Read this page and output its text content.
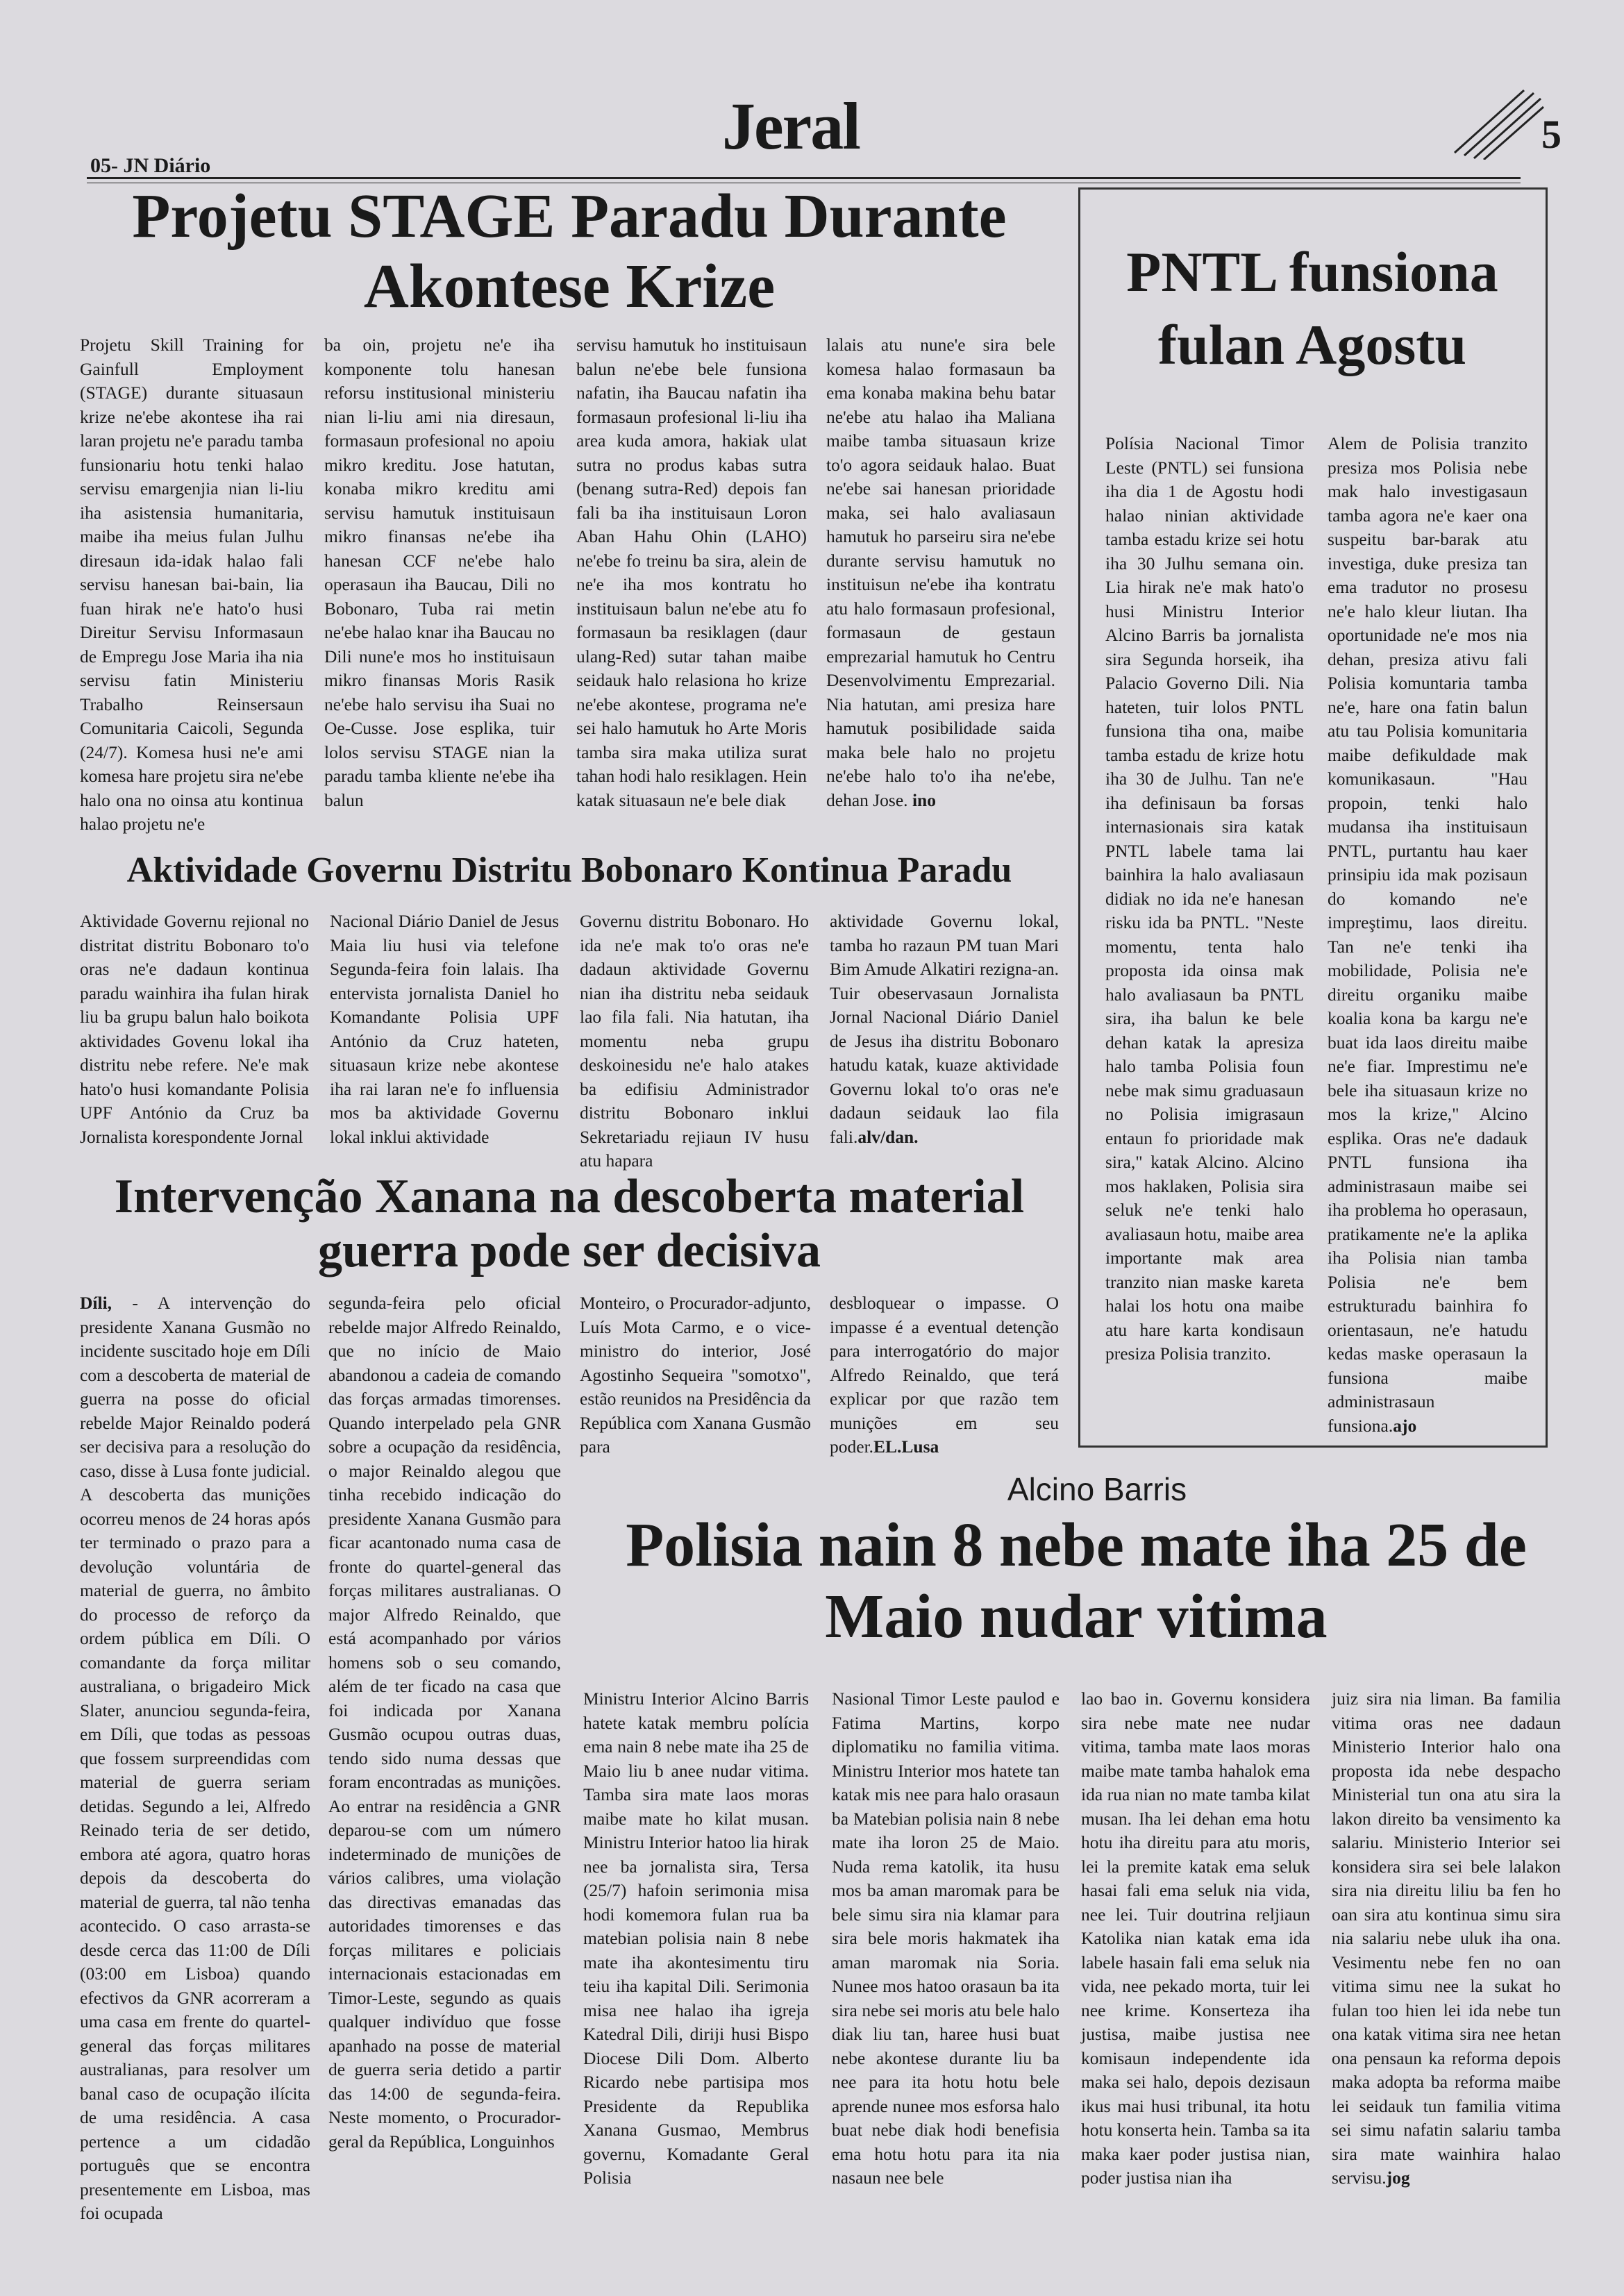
05- JN Diário
Jeral	5
Projetu STAGE Paradu Durante Akontese Krize

Projetu Skill Training for Gainfull Employment (STAGE) durante situasaun krize ne'ebe akontese iha rai laran projetu ne'e paradu tamba funsionariu hotu tenki halao servisu emargenjia nian li-liu iha asistensia humanitaria, maibe iha meius fulan Julhu diresaun ida-idak halao fali servisu hanesan bai-bain, lia fuan hirak ne'e hato'o husi Direitur Servisu Informasaun de Empregu Jose Maria iha nia servisu fatin Ministeriu Trabalho Reinsersaun Comunitaria Caicoli, Segunda (24/7). Komesa husi ne'e ami komesa hare projetu sira ne'ebe halo ona no oinsa atu kontinua halao projetu ne'e

ba oin, projetu ne'e iha komponente tolu hanesan reforsu institusional ministeriu nian li-liu ami nia diresaun, formasaun profesional no apoiu mikro kreditu. Jose hatutan, konaba mikro kreditu ami servisu hamutuk instituisaun mikro finansas ne'ebe iha hanesan CCF ne'ebe halo operasaun iha Baucau, Dili no Bobonaro, Tuba rai metin ne'ebe halao knar iha Baucau no Dili nune'e mos ho instituisaun mikro finansas Moris Rasik ne'ebe halo servisu iha Suai no Oe-Cusse. Jose esplika, tuir lolos servisu STAGE nian la paradu tamba kliente ne'ebe iha balun

servisu hamutuk ho instituisaun balun ne'ebe bele funsiona nafatin, iha Baucau nafatin iha formasaun profesional li-liu iha area kuda amora, hakiak ulat sutra no produs kabas sutra (benang sutra-Red) depois fan fali ba iha instituisaun Loron Aban Hahu Ohin (LAHO) ne'ebe fo treinu ba sira, alein de ne'e iha mos kontratu ho instituisaun balun ne'ebe atu fo formasaun ba resiklagen (daur ulang-Red) sutar tahan maibe seidauk halo relasiona ho krize ne'ebe akontese, programa ne'e sei halo hamutuk ho Arte Moris tamba sira maka utiliza surat tahan hodi halo resiklagen. Hein katak situasaun ne'e bele diak

lalais atu nune'e sira bele komesa halao formasaun ba ema konaba makina behu batar ne'ebe atu halao iha Maliana maibe tamba situasaun krize to'o agora seidauk halao. Buat ne'ebe sai hanesan prioridade maka, sei halo avaliasaun hamutuk ho parseiru sira ne'ebe durante servisu hamutuk no instituisun ne'ebe iha kontratu atu halo formasaun profesional, formasaun de gestaun emprezarial hamutuk ho Centru Desenvolvimentu Emprezarial. Nia hatutan, ami presiza hare hamutuk posibilidade saida maka bele halo no projetu ne'ebe halo to'o iha ne'ebe, dehan Jose. ino

Aktividade Governu Distritu Bobonaro Kontinua Paradu

Aktividade Governu rejional no distritat distritu Bobonaro to'o oras ne'e dadaun kontinua paradu wainhira iha fulan hirak liu ba grupu balun halo boikota aktividades Govenu lokal iha distritu nebe refere. Ne'e mak hato'o husi komandante Polisia UPF António da Cruz ba Jornalista korespondente Jornal

Nacional Diário Daniel de Jesus Maia liu husi via telefone Segunda-feira foin lalais. Iha entervista jornalista Daniel ho Komandante Polisia UPF António da Cruz hateten, situasaun krize nebe akontese iha rai laran ne'e fo influensia mos ba aktividade Governu lokal inklui aktividade

Governu distritu Bobonaro. Ho ida ne'e mak to'o oras ne'e dadaun aktividade Governu nian iha distritu neba seidauk lao fila fali. Nia hatutan, iha momentu neba grupu deskoinesidu ne'e halo atakes ba edifisiu Administrador distritu Bobonaro inklui Sekretariadu rejiaun IV husu atu hapara

aktividade Governu lokal, tamba ho razaun PM tuan Mari Bim Amude Alkatiri rezigna-an. Tuir obeservasaun Jornalista Jornal Nacional Diário Daniel de Jesus iha distritu Bobonaro hatudu katak, kuaze aktividade Governu lokal to'o oras ne'e dadaun seidauk lao fila fali.alv/dan.

Intervenção Xanana na descoberta material guerra pode ser decisiva

Díli, - A intervenção do presidente Xanana Gusmão no incidente suscitado hoje em Díli com a descoberta de material de guerra na posse do oficial rebelde Major Reinaldo poderá ser decisiva para a resolução do caso, disse à Lusa fonte judicial. A descoberta das munições ocorreu menos de 24 horas após ter terminado o prazo para a devolução voluntária de material de guerra, no âmbito do processo de reforço da ordem pública em Díli. O comandante da força militar australiana, o brigadeiro Mick Slater, anunciou segunda-feira, em Díli, que todas as pessoas que fossem surpreendidas com material de guerra seriam detidas. Segundo a lei, Alfredo Reinado teria de ser detido, embora até agora, quatro horas depois da descoberta do material de guerra, tal não tenha acontecido. O caso arrasta-se desde cerca das 11:00 de Díli (03:00 em Lisboa) quando efectivos da GNR acorreram a uma casa em frente do quartel-general das forças militares australianas, para resolver um banal caso de ocupação ilícita de uma residência. A casa pertence a um cidadão português que se encontra presentemente em Lisboa, mas foi ocupada

segunda-feira pelo oficial rebelde major Alfredo Reinaldo, que no início de Maio abandonou a cadeia de comando das forças armadas timorenses. Quando interpelado pela GNR sobre a ocupação da residência, o major Reinaldo alegou que tinha recebido indicação do presidente Xanana Gusmão para ficar acantonado numa casa de fronte do quartel-general das forças militares australianas. O major Alfredo Reinaldo, que está acompanhado por vários homens sob o seu comando, além de ter ficado na casa que foi indicada por Xanana Gusmão ocupou outras duas, tendo sido numa dessas que foram encontradas as munições. Ao entrar na residência a GNR deparou-se com um número indeterminado de munições de vários calibres, uma violação das directivas emanadas das autoridades timorenses e das forças militares e policiais internacionais estacionadas em Timor-Leste, segundo as quais qualquer indivíduo que fosse apanhado na posse de material de guerra seria detido a partir das 14:00 de segunda-feira. Neste momento, o Procurador-geral da República, Longuinhos

Monteiro, o Procurador-adjunto, Luís Mota Carmo, e o vice-ministro do interior, José Agostinho Sequeira "somotxo", estão reunidos na Presidência da República com Xanana Gusmão para

desbloquear o impasse. O impasse é a eventual detenção para interrogatório do major Alfredo Reinaldo, que terá explicar por que razão tem munições em seu poder.EL.Lusa

PNTL funsiona fulan Agostu

Polísia Nacional Timor Leste (PNTL) sei funsiona iha dia 1 de Agostu hodi halao ninian aktividade tamba estadu krize sei hotu iha 30 Julhu semana oin. Lia hirak ne'e mak hato'o husi Ministru Interior Alcino Barris ba jornalista sira Segunda horseik, iha Palacio Governo Dili. Nia hateten, tuir lolos PNTL funsiona tiha ona, maibe tamba estadu de krize hotu iha 30 de Julhu. Tan ne'e iha definisaun ba forsas internasionais sira katak PNTL labele tama lai bainhira la halo avaliasaun didiak no ida ne'e hanesan risku ida ba PNTL. "Neste momentu, tenta halo proposta ida oinsa mak halo avaliasaun ba PNTL sira, iha balun ke bele dehan katak la apresiza halo tamba Polisia foun nebe mak simu graduasaun no Polisia imigrasaun entaun fo prioridade mak sira," katak Alcino. Alcino mos haklaken, Polisia sira seluk ne'e tenki halo avaliasaun hotu, maibe area importante mak area tranzito nian maske kareta halai los hotu ona maibe atu hare karta kondisaun presiza Polisia tranzito.

Alem de Polisia tranzito presiza mos Polisia nebe mak halo investigasaun tamba agora ne'e kaer ona suspeitu bar-barak atu investiga, duke presiza tan ema tradutor no prosesu ne'e halo kleur liutan. Iha oportunidade ne'e mos nia dehan, presiza ativu fali Polisia komuntaria tamba ne'e, hare ona fatin balun atu tau Polisia komunitaria maibe defikuldade mak komunikasaun. "Hau propoin, tenki halo mudansa iha instituisaun PNTL, purtantu hau kaer prinsipiu ida mak pozisaun do komando ne'e impreştimu, laos direitu. Tan ne'e tenki iha mobilidade, Polisia ne'e direitu organiku maibe koalia kona ba kargu ne'e buat ida laos direitu maibe ne'e fiar. Imprestimu ne'e bele iha situasaun krize no mos la krize," Alcino esplika. Oras ne'e dadauk PNTL funsiona iha administrasaun maibe sei iha problema ho operasaun, pratikamente ne'e la aplika iha Polisia nian tamba Polisia ne'e bem estrukturadu bainhira fo orientasaun, ne'e hatudu kedas maske operasaun la funsiona maibe administrasaun funsiona.ajo

Alcino Barris
Polisia nain 8 nebe mate iha 25 de Maio nudar vitima

Ministru Interior Alcino Barris hatete katak membru polícia ema nain 8 nebe mate iha 25 de Maio liu b anee nudar vitima. Tamba sira mate laos moras maibe mate ho kilat musan. Ministru Interior hatoo lia hirak nee ba jornalista sira, Tersa (25/7) hafoin serimonia misa hodi komemora fulan rua ba matebian polisia nain 8 nebe mate iha akontesimentu tiru teiu iha kapital Dili. Serimonia misa nee halao iha igreja Katedral Dili, diriji husi Bispo Diocese Dili Dom. Alberto Ricardo nebe partisipa mos Presidente da Republika Xanana Gusmao, Membrus governu, Komadante Geral Polisia

Nasional Timor Leste paulod e Fatima Martins, korpo diplomatiku no familia vitima. Ministru Interior mos hatete tan katak mis nee para halo orasaun ba Matebian polisia nain 8 nebe mate iha loron 25 de Maio. Nuda rema katolik, ita husu mos ba aman maromak para be bele simu sira nia klamar para sira bele moris hakmatek iha aman maromak nia Soria. Nunee mos hatoo orasaun ba ita sira nebe sei moris atu bele halo diak liu tan, haree husi buat nebe akontese durante liu ba nee para ita hotu hotu bele aprende nunee mos esforsa halo buat nebe diak hodi benefisia ema hotu hotu para ita nia nasaun nee bele

lao bao in. Governu konsidera sira nebe mate nee nudar vitima, tamba mate laos moras maibe mate tamba hahalok ema ida rua nian no mate tamba kilat musan. Iha lei dehan ema hotu hotu iha direitu para atu moris, lei la premite katak ema seluk hasai fali ema seluk nia vida, nee lei. Tuir doutrina reljiaun Katolika nian katak ema ida labele hasain fali ema seluk nia vida, nee pekado morta, tuir lei nee krime. Konserteza iha justisa, maibe justisa nee komisaun independente ida maka sei halo, depois dezisaun ikus mai husi tribunal, ita hotu hotu konserta hein. Tamba sa ita maka kaer poder justisa nian, poder justisa nian iha

juiz sira nia liman. Ba familia vitima oras nee dadaun Ministerio Interior halo ona proposta ida nebe despacho Ministerial tun ona atu sira la lakon direito ba vensimento ka salariu. Ministerio Interior sei konsidera sira sei bele lalakon sira nia direitu liliu ba fen ho oan sira atu kontinua simu sira nia salariu nebe uluk iha ona. Vesimentu nebe fen no oan vitima simu nee la sukat ho fulan too hien lei ida nebe tun ona katak vitima sira nee hetan ona pensaun ka reforma depois maka adopta ba reforma maibe lei seidauk tun familia vitima sei simu nafatin salariu tamba sira mate wainhira halao servisu.jog
